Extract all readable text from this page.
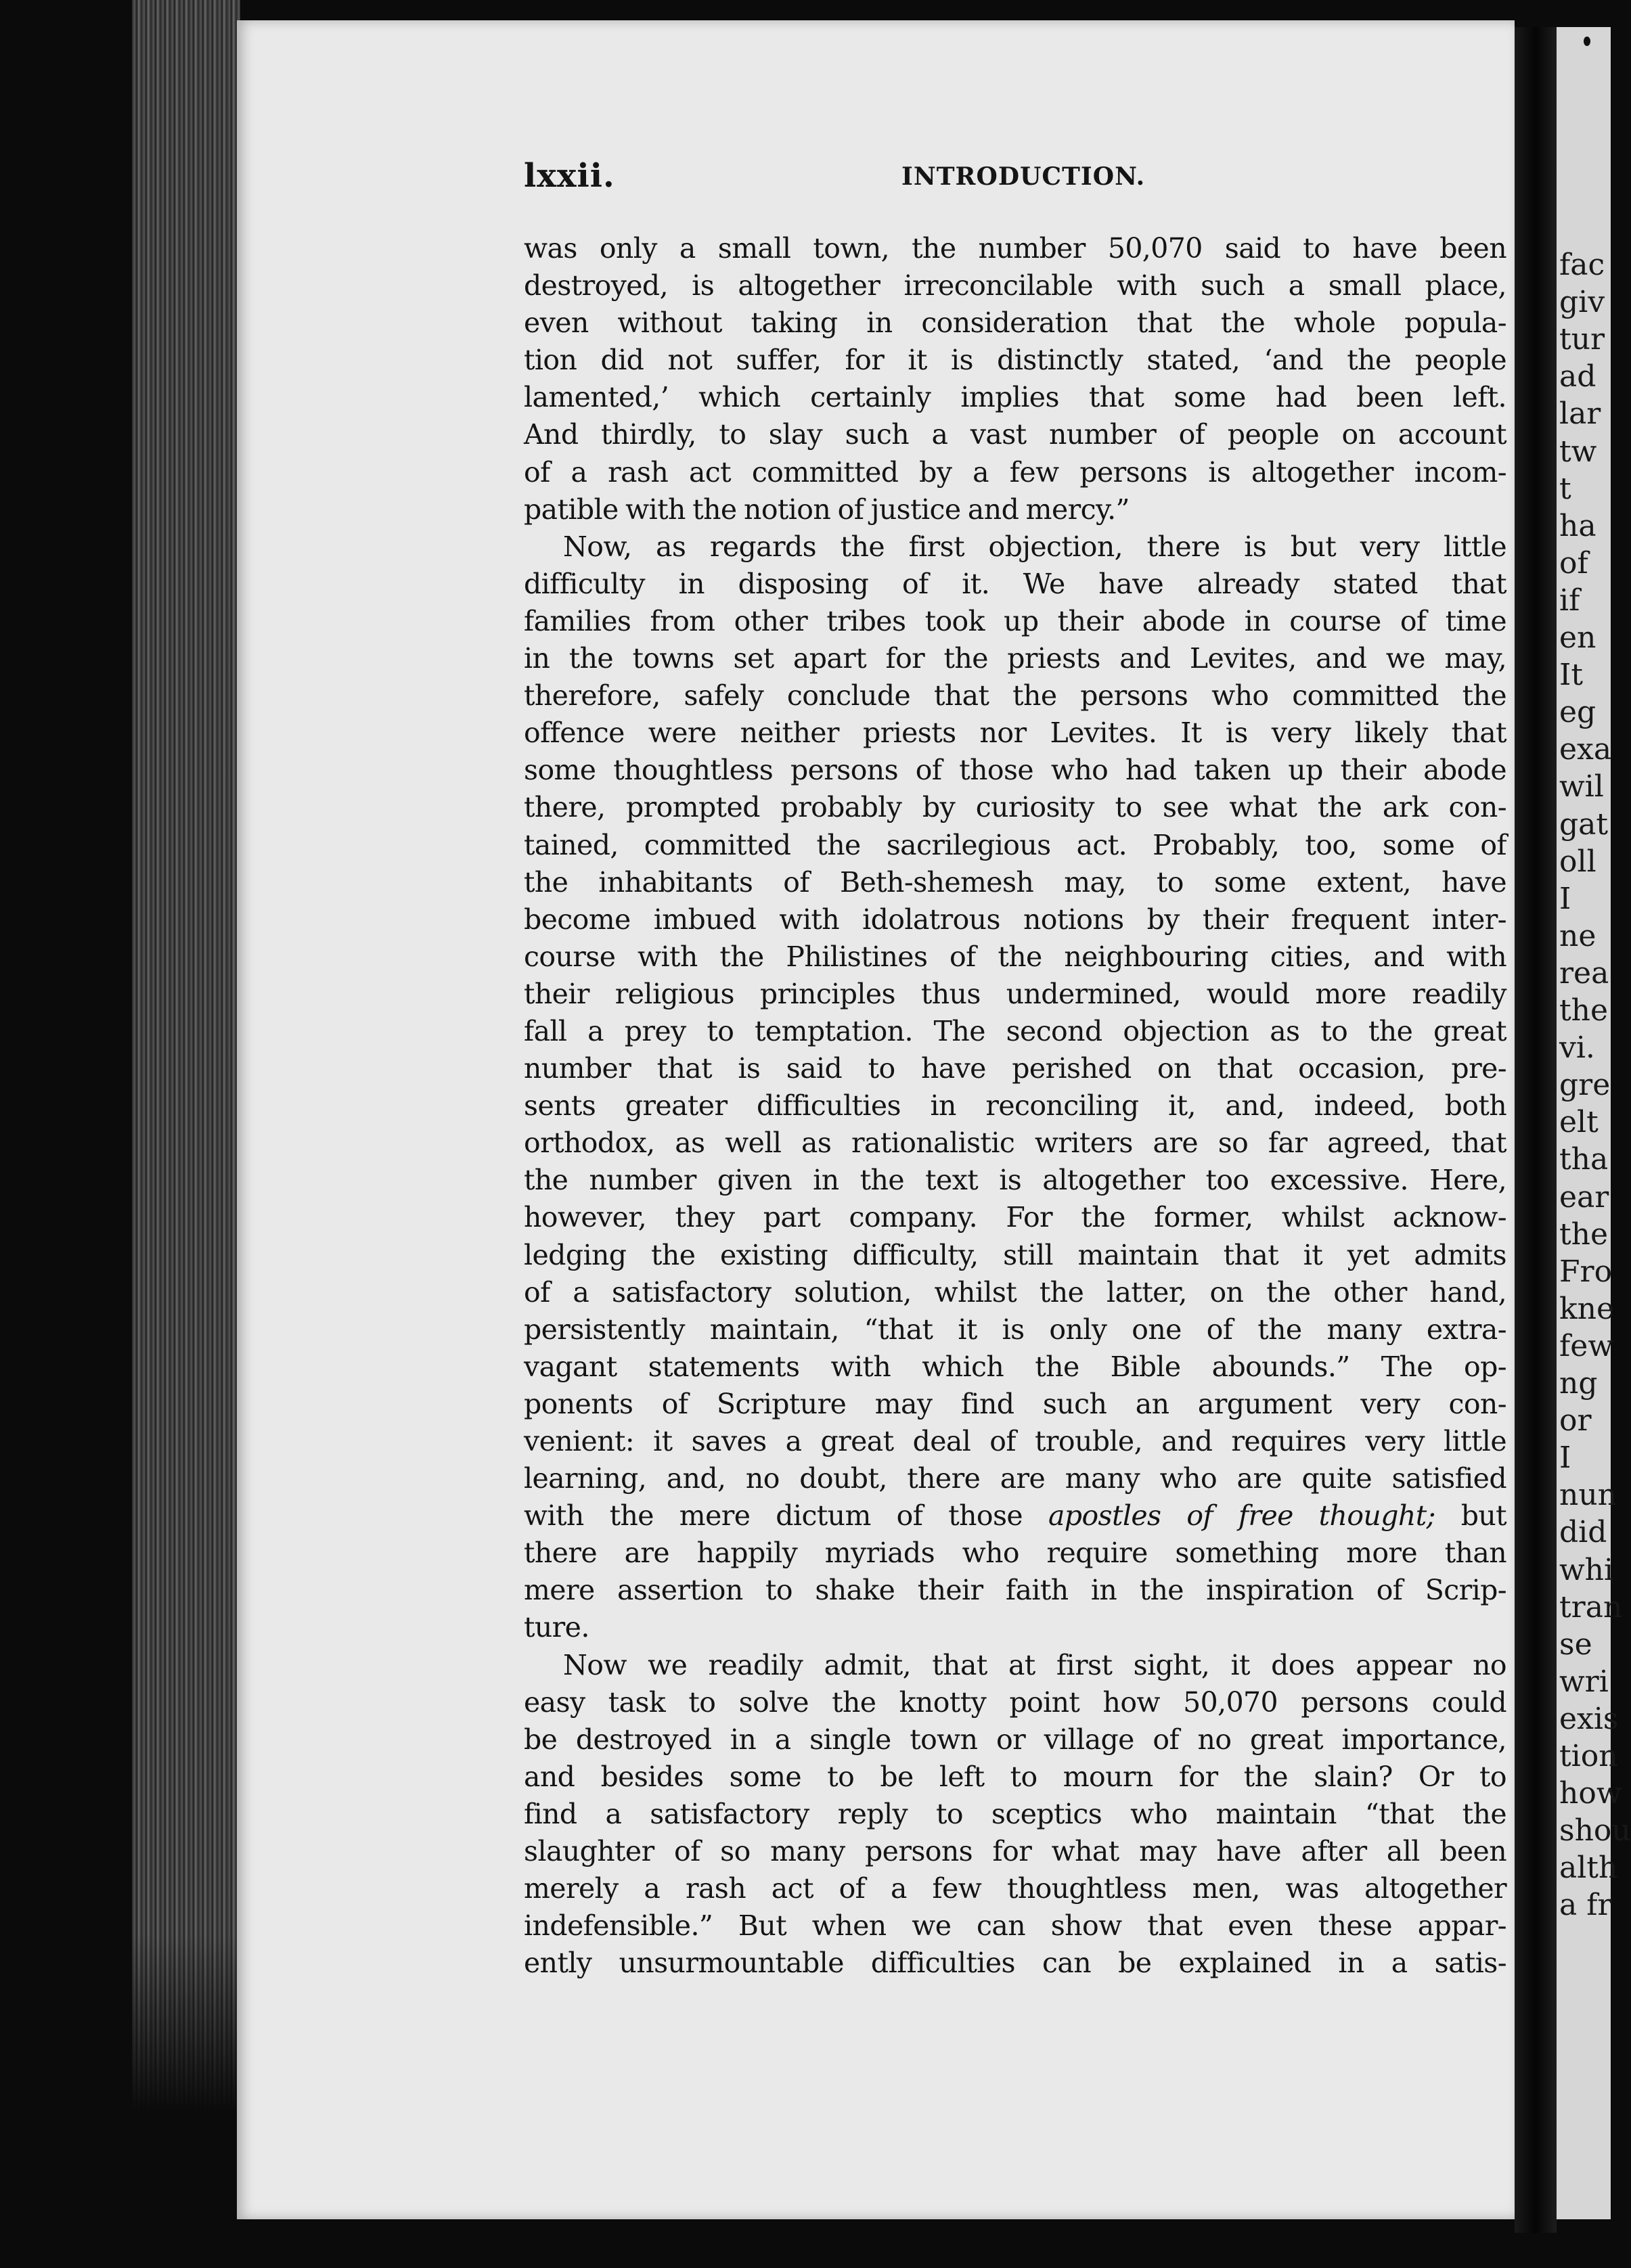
fac
giv
tur
ad
lar
tw
t
ha
of
if
en
It
eg
exa
wil
gat
oll
I
ne
rea
the
vi.
gre
elt
tha
ear
the
Fro
kne
few
ng
or
I
nun
did
whi
tran
se
wri
exis
tion
how
shou
alth
a fr
lxxii.	INTRODUCTION.
was only a small town, the number 50,070 said to have been
destroyed, is altogether irreconcilable with such a small place,
even without taking in consideration that the whole popula-
tion did not suffer, for it is distinctly stated, ‘and the people
lamented,’ which certainly implies that some had been left.
And thirdly, to slay such a vast number of people on account
of a rash act committed by a few persons is altogether incom-
patible with the notion of justice and mercy.”
Now, as regards the first objection, there is but very little
difficulty in disposing of it. We have already stated that
families from other tribes took up their abode in course of time
in the towns set apart for the priests and Levites, and we may,
therefore, safely conclude that the persons who committed the
offence were neither priests nor Levites. It is very likely that
some thoughtless persons of those who had taken up their abode
there, prompted probably by curiosity to see what the ark con-
tained, committed the sacrilegious act. Probably, too, some of
the inhabitants of Beth-shemesh may, to some extent, have
become imbued with idolatrous notions by their frequent inter-
course with the Philistines of the neighbouring cities, and with
their religious principles thus undermined, would more readily
fall a prey to temptation. The second objection as to the great
number that is said to have perished on that occasion, pre-
sents greater difficulties in reconciling it, and, indeed, both
orthodox, as well as rationalistic writers are so far agreed, that
the number given in the text is altogether too excessive. Here,
however, they part company. For the former, whilst acknow-
ledging the existing difficulty, still maintain that it yet admits
of a satisfactory solution, whilst the latter, on the other hand,
persistently maintain, “that it is only one of the many extra-
vagant statements with which the Bible abounds.” The op-
ponents of Scripture may find such an argument very con-
venient: it saves a great deal of trouble, and requires very little
learning, and, no doubt, there are many who are quite satisfied
with the mere dictum of those apostles of free thought; but
there are happily myriads who require something more than
mere assertion to shake their faith in the inspiration of Scrip-
ture.
Now we readily admit, that at first sight, it does appear no
easy task to solve the knotty point how 50,070 persons could
be destroyed in a single town or village of no great importance,
and besides some to be left to mourn for the slain? Or to
find a satisfactory reply to sceptics who maintain “that the
slaughter of so many persons for what may have after all been
merely a rash act of a few thoughtless men, was altogether
indefensible.” But when we can show that even these appar-
ently unsurmountable difficulties can be explained in a satis-
